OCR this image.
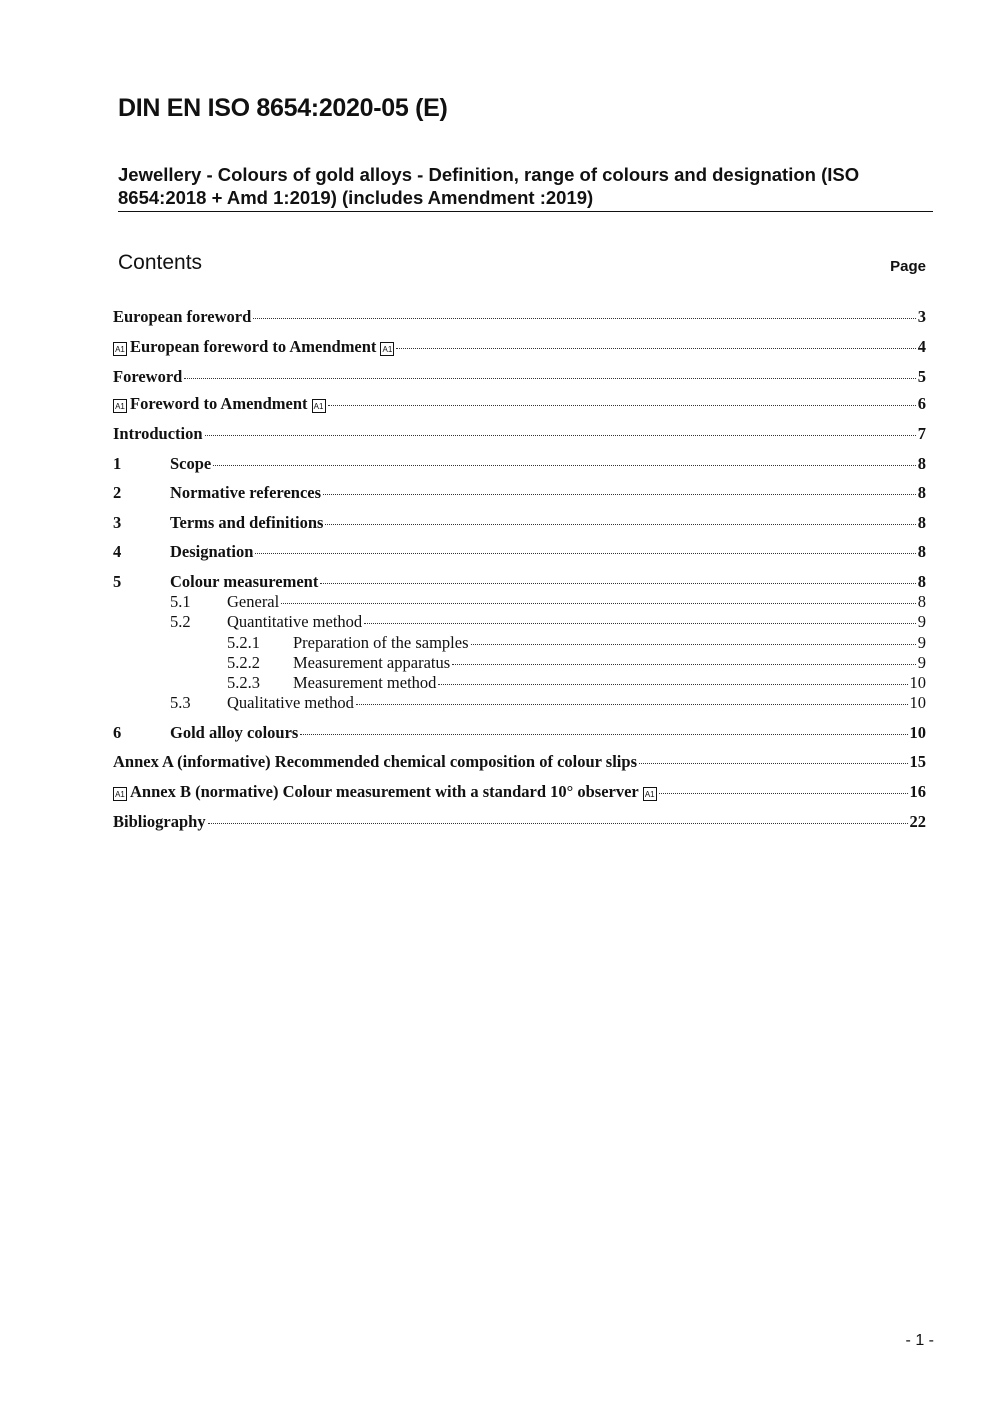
DIN EN ISO 8654:2020-05 (E)
Jewellery - Colours of gold alloys - Definition, range of colours and designation (ISO 8654:2018 + Amd 1:2019) (includes Amendment :2019)
Contents	Page
European foreword	3
A1 European foreword to Amendment A1	4
Foreword	5
A1 Foreword to Amendment A1	6
Introduction	7
1	Scope	8
2	Normative references	8
3	Terms and definitions	8
4	Designation	8
5	Colour measurement	8
5.1	General	8
5.2	Quantitative method	9
5.2.1	Preparation of the samples	9
5.2.2	Measurement apparatus	9
5.2.3	Measurement method	10
5.3	Qualitative method	10
6	Gold alloy colours	10
Annex A (informative) Recommended chemical composition of colour slips	15
A1 Annex B (normative) Colour measurement with a standard 10° observer A1	16
Bibliography	22
- 1 -
